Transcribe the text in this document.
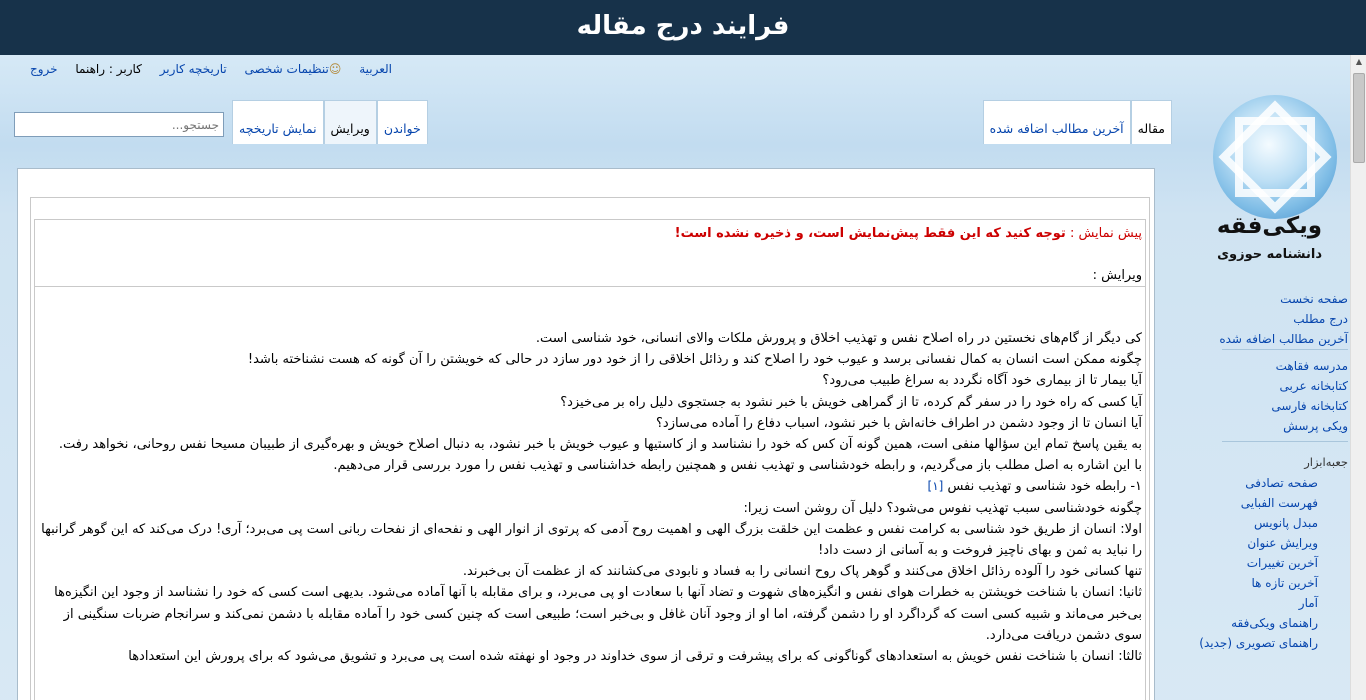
فرایند درج مقاله
العربية ☺تنظیمات شخصی تاریخچه کاربر کاربر : راهنما خروج
جستجو...
مقاله
آخرین مطالب اضافه شده
خواندن
ویرایش
نمایش تاریخچه
ویکی‌فقه
دانشنامه حوزوی
صفحه نخست
درج مطلب
آخرین مطالب اضافه شده
مدرسه فقاهت
کتابخانه عربی
کتابخانه فارسی
ویکی پرسش
جعبه‌ابزار
صفحه تصادفی
فهرست الفبایی
مبدل پانویس
ویرایش عنوان
آخرین تغییرات
آخرین تازه ها
آمار
راهنمای ویکی‌فقه
راهنمای تصویری (جدید)
پیش نمایش : توجه کنید که این فقط پیش‌نمایش است، و ذخیره نشده است!
ویرایش :

کی دیگر از گام‌های نخستین در راه اصلاح نفس و تهذیب اخلاق و پرورش ملکات والای انسانی، خود شناسی است.

چگونه ممکن است انسان به کمال نفسانی برسد و عیوب خود را اصلاح کند و رذائل اخلاقی را از خود دور سازد در حالی که خویشتن را آن گونه که هست نشناخته باشد!

آیا بیمار تا از بیماری خود آگاه نگردد به سراغ طبیب می‌رود؟

آیا کسی که راه خود را در سفر گم کرده، تا از گمراهی خویش با خبر نشود به جستجوی دلیل راه بر می‌خیزد؟

آیا انسان تا از وجود دشمن در اطراف خانه‌اش با خبر نشود، اسباب دفاع را آماده می‌سازد؟

به یقین پاسخ تمام این سؤالها منفی است، همین گونه آن کس که خود را نشناسد و از کاستیها و عیوب خویش با خبر نشود، به دنبال اصلاح خویش و بهره‌گیری از طبیبان مسیحا نفس روحانی، نخواهد رفت.

با این اشاره به اصل مطلب باز می‌گردیم، و رابطه خودشناسی و تهذیب نفس و همچنین رابطه خداشناسی و تهذیب نفس را مورد بررسی قرار می‌دهیم.

۱- رابطه خود شناسی و تهذیب نفس [۱]

چگونه خودشناسی سبب تهذیب نفوس می‌شود؟ دلیل آن روشن است زیرا:

اولا: انسان از طریق خود شناسی به کرامت نفس و عظمت این خلقت بزرگ الهی و اهمیت روح آدمی که پرتوی از انوار الهی و نفحه‌ای از نفحات ربانی است پی می‌برد؛ آری! درک می‌کند که این گوهر گرانبها را نباید به ثمن و بهای ناچیز فروخت و به آسانی از دست داد!

تنها کسانی خود را آلوده رذائل اخلاق می‌کنند و گوهر پاک روح انسانی را به فساد و نابودی می‌کشانند که از عظمت آن بی‌خبرند.

ثانیا: انسان با شناخت خویشتن به خطرات هوای نفس و انگیزه‌های شهوت و تضاد آنها با سعادت او پی می‌برد، و برای مقابله با آنها آماده می‌شود. بدیهی است کسی که خود را نشناسد از وجود این انگیزه‌ها بی‌خبر می‌ماند و شبیه کسی است که گرداگرد او را دشمن گرفته، اما او از وجود آنان غافل و بی‌خبر است؛ طبیعی است که چنین کسی خود را آماده مقابله با دشمن نمی‌کند و سرانجام ضربات سنگینی از سوی دشمن دریافت می‌دارد.

ثالثا: انسان با شناخت نفس خویش به استعدادهای گوناگونی که برای پیشرفت و ترقی از سوی خداوند در وجود او نهفته شده است پی می‌برد و تشویق می‌شود که برای پرورش این استعدادها

▲
